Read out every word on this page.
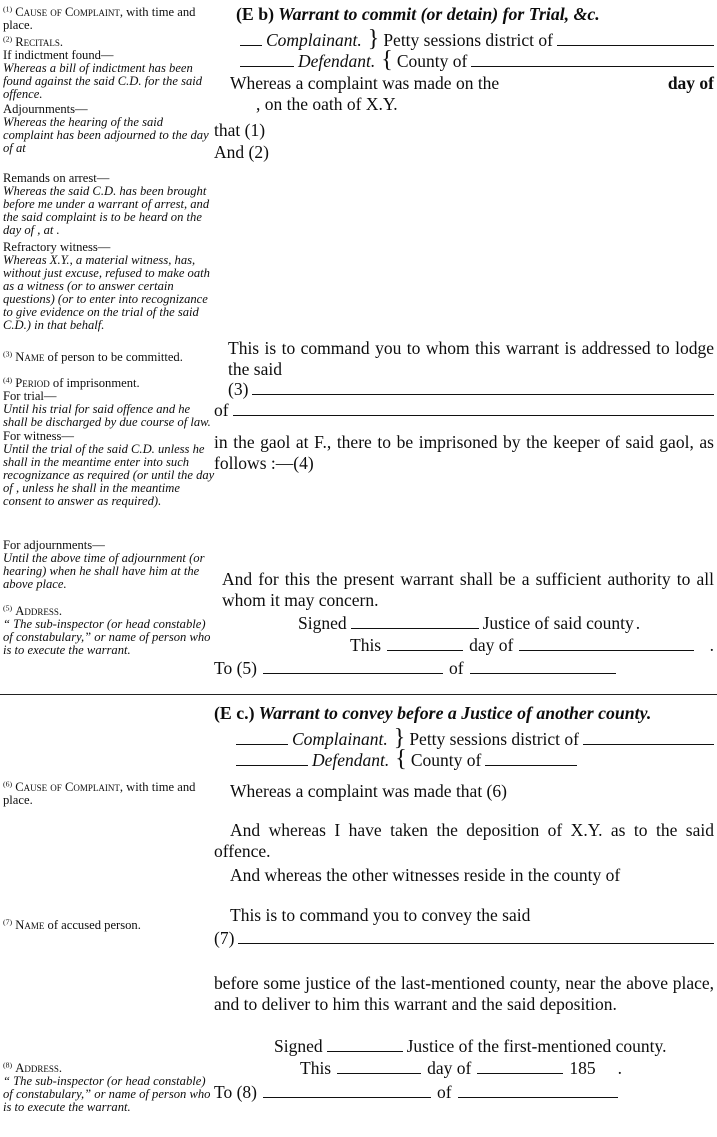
(E b) Warrant to commit (or detain) for Trial, &c.
Complainant. } Petty sessions district of
Defendant. { County of
Whereas a complaint was made on the	day of
, on the oath of X.Y.
that (1)
And (2)
This is to command you to whom this warrant is addressed to lodge the said
(3)
of
in the gaol at F., there to be imprisoned by the keeper of said gaol, as follows :—(4)
And for this the present warrant shall be a sufficient authority to all whom it may concern.
Signed	Justice of said county .
This	day of	.
To (5)	of

$^{(1)}$ Cause of Complaint, with time and place.

$^{(2)}$ Recitals.

If indictment found—

Whereas a bill of indictment has been found against the said C.D. for the said offence.

Adjournments—

Whereas the hearing of the said complaint has been adjourned to the day of at

Remands on arrest—

Whereas the said C.D. has been brought before me under a warrant of arrest, and the said complaint is to be heard on the day of , at .

Refractory witness—

Whereas X.Y., a material witness, has, without just excuse, refused to make oath as a witness (or to answer certain questions) (or to enter into recognizance to give evidence on the trial of the said C.D.) in that behalf.

$^{(3)}$ Name of person to be committed.

$^{(4)}$ Period of imprisonment.

For trial—

Until his trial for said offence and he shall be discharged by due course of law.

For witness—

Until the trial of the said C.D. unless he shall in the meantime enter into such recognizance as required (or until the day of , unless he shall in the meantime consent to answer as required).

For adjournments—

Until the above time of adjournment (or hearing) when he shall have him at the above place.

$^{(5)}$ Address.

“ The sub-inspector (or head constable) of constabulary,” or name of person who is to execute the warrant.

(E c.) Warrant to convey before a Justice of another county.
Complainant. } Petty sessions district of
Defendant. { County of
Whereas a complaint was made that (6)
And whereas I have taken the deposition of X.Y. as to the said offence.
And whereas the other witnesses reside in the county of
This is to command you to convey the said
(7)
before some justice of the last-mentioned county, near the above place, and to deliver to him this warrant and the said deposition.
Signed	Justice of the first-mentioned county.
This	day of	185	.
To (8)	of

$^{(6)}$ Cause of Complaint, with time and place.

$^{(7)}$ Name of accused person.

$^{(8)}$ Address.

“ The sub-inspector (or head constable) of constabulary,” or name of person who is to execute the warrant.
